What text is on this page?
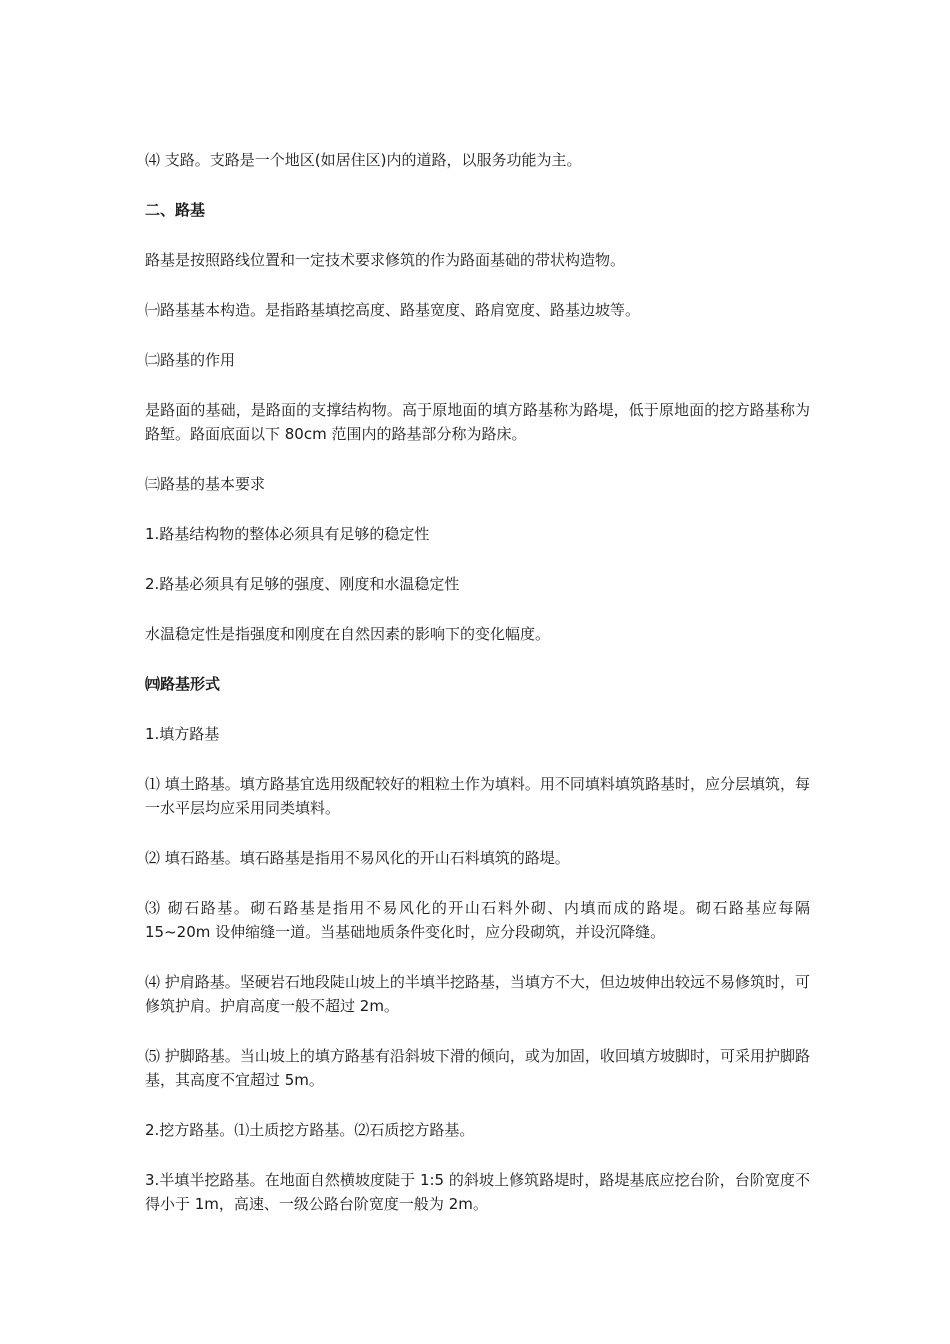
⑷ 支路。支路是一个地区(如居住区)内的道路，以服务功能为主。

二、路基

路基是按照路线位置和一定技术要求修筑的作为路面基础的带状构造物。

㈠路基基本构造。是指路基填挖高度、路基宽度、路肩宽度、路基边坡等。

㈡路基的作用

是路面的基础，是路面的支撑结构物。高于原地面的填方路基称为路堤，低于原地面的挖方路基称为路堑。路面底面以下 80cm 范围内的路基部分称为路床。

㈢路基的基本要求

1.路基结构物的整体必须具有足够的稳定性

2.路基必须具有足够的强度、刚度和水温稳定性

水温稳定性是指强度和刚度在自然因素的影响下的变化幅度。

㈣路基形式

1.填方路基

⑴ 填土路基。填方路基宜选用级配较好的粗粒土作为填料。用不同填料填筑路基时，应分层填筑，每一水平层均应采用同类填料。

⑵ 填石路基。填石路基是指用不易风化的开山石料填筑的路堤。

⑶ 砌石路基。砌石路基是指用不易风化的开山石料外砌、内填而成的路堤。砌石路基应每隔 15~20m 设伸缩缝一道。当基础地质条件变化时，应分段砌筑，并设沉降缝。

⑷ 护肩路基。坚硬岩石地段陡山坡上的半填半挖路基，当填方不大，但边坡伸出较远不易修筑时，可修筑护肩。护肩高度一般不超过 2m。

⑸ 护脚路基。当山坡上的填方路基有沿斜坡下滑的倾向，或为加固，收回填方坡脚时，可采用护脚路基，其高度不宜超过 5m。

2.挖方路基。⑴土质挖方路基。⑵石质挖方路基。

3.半填半挖路基。在地面自然横坡度陡于 1:5 的斜坡上修筑路堤时，路堤基底应挖台阶，台阶宽度不得小于 1m，高速、一级公路台阶宽度一般为 2m。
